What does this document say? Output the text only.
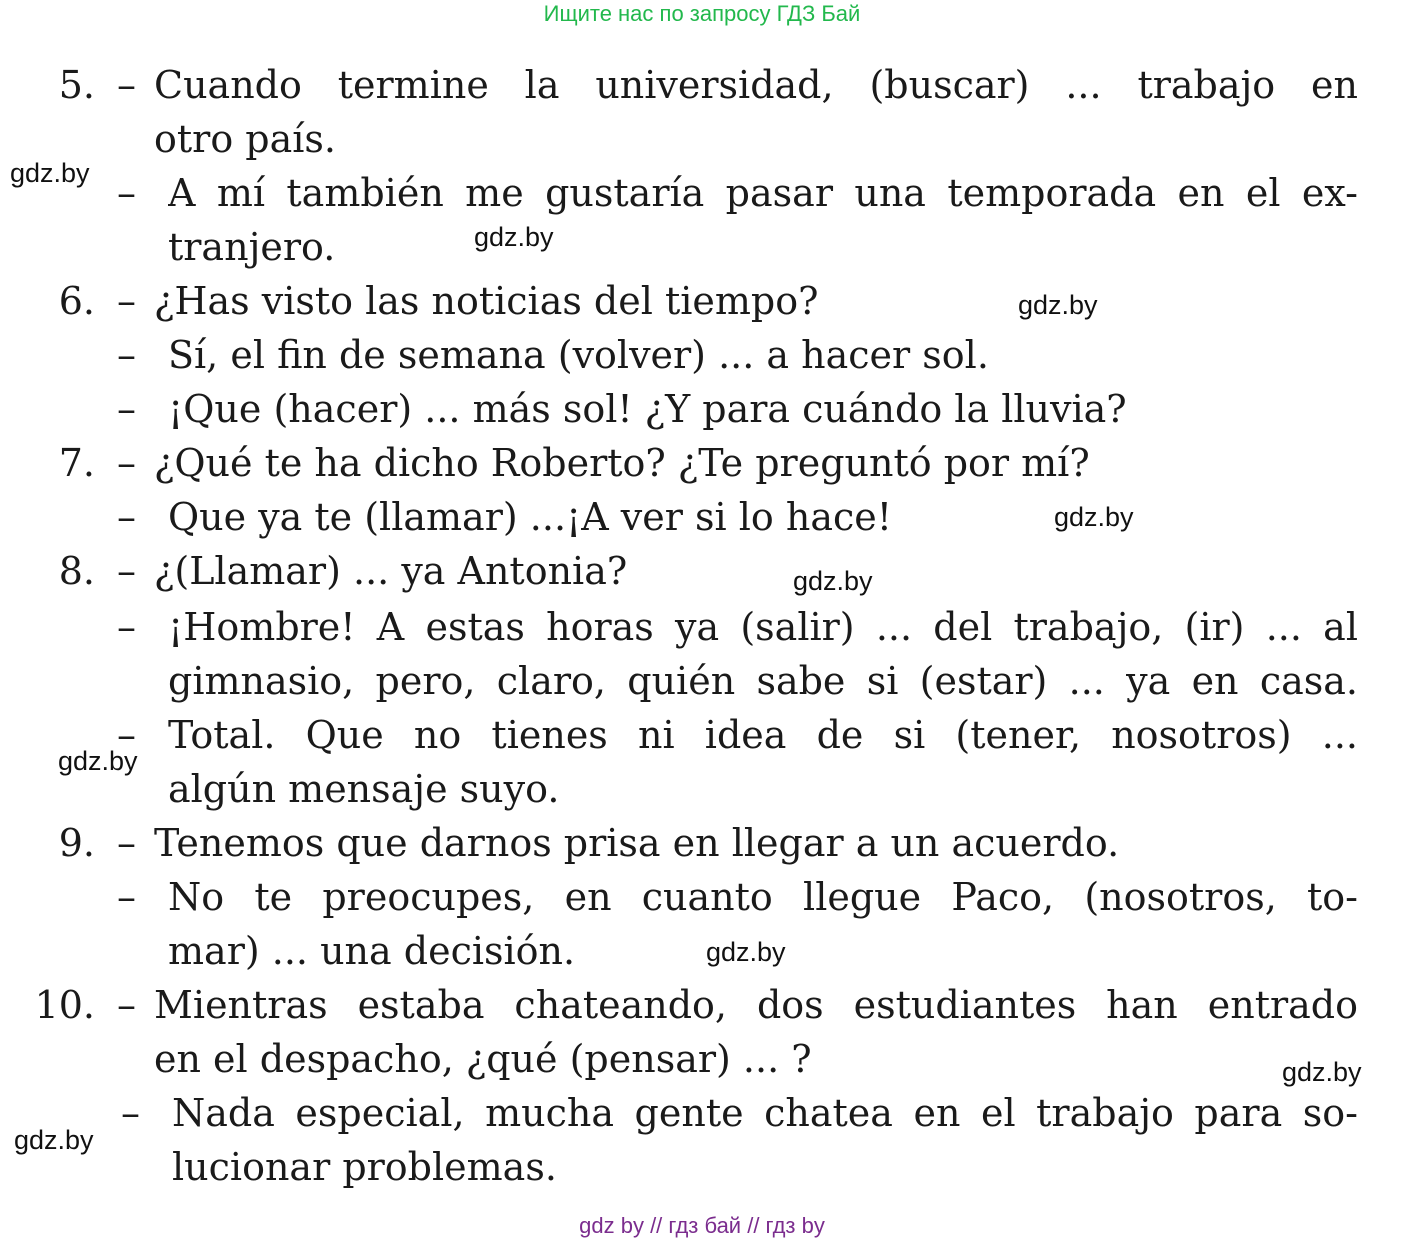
Ищите нас по запросу ГДЗ Бай
5. – Cuando termine la universidad, (buscar) ... trabajo en
otro país.
– A mí también me gustaría pasar una temporada en el ex-
tranjero.
6. – ¿Has visto las noticias del tiempo?
– Sí, el fin de semana (volver) ... a hacer sol.
– ¡Que (hacer) ... más sol! ¿Y para cuándo la lluvia?
7. – ¿Qué te ha dicho Roberto? ¿Te preguntó por mí?
– Que ya te (llamar) ...¡A ver si lo hace!
8. – ¿(Llamar) ... ya Antonia?
– ¡Hombre! A estas horas ya (salir) ... del trabajo, (ir) ... al
gimnasio, pero, claro, quién sabe si (estar) ... ya en casa.
– Total. Que no tienes ni idea de si (tener, nosotros) ...
algún mensaje suyo.
9. – Tenemos que darnos prisa en llegar a un acuerdo.
– No te preocupes, en cuanto llegue Paco, (nosotros, to-
mar) ... una decisión.
10. – Mientras estaba chateando, dos estudiantes han entrado
en el despacho, ¿qué (pensar) ... ?
– Nada especial, mucha gente chatea en el trabajo para so-
lucionar problemas.
gdz.by
gdz.by
gdz.by
gdz.by
gdz.by
gdz.by
gdz.by
gdz.by
gdz.by
gdz by // гдз бай // гдз by
